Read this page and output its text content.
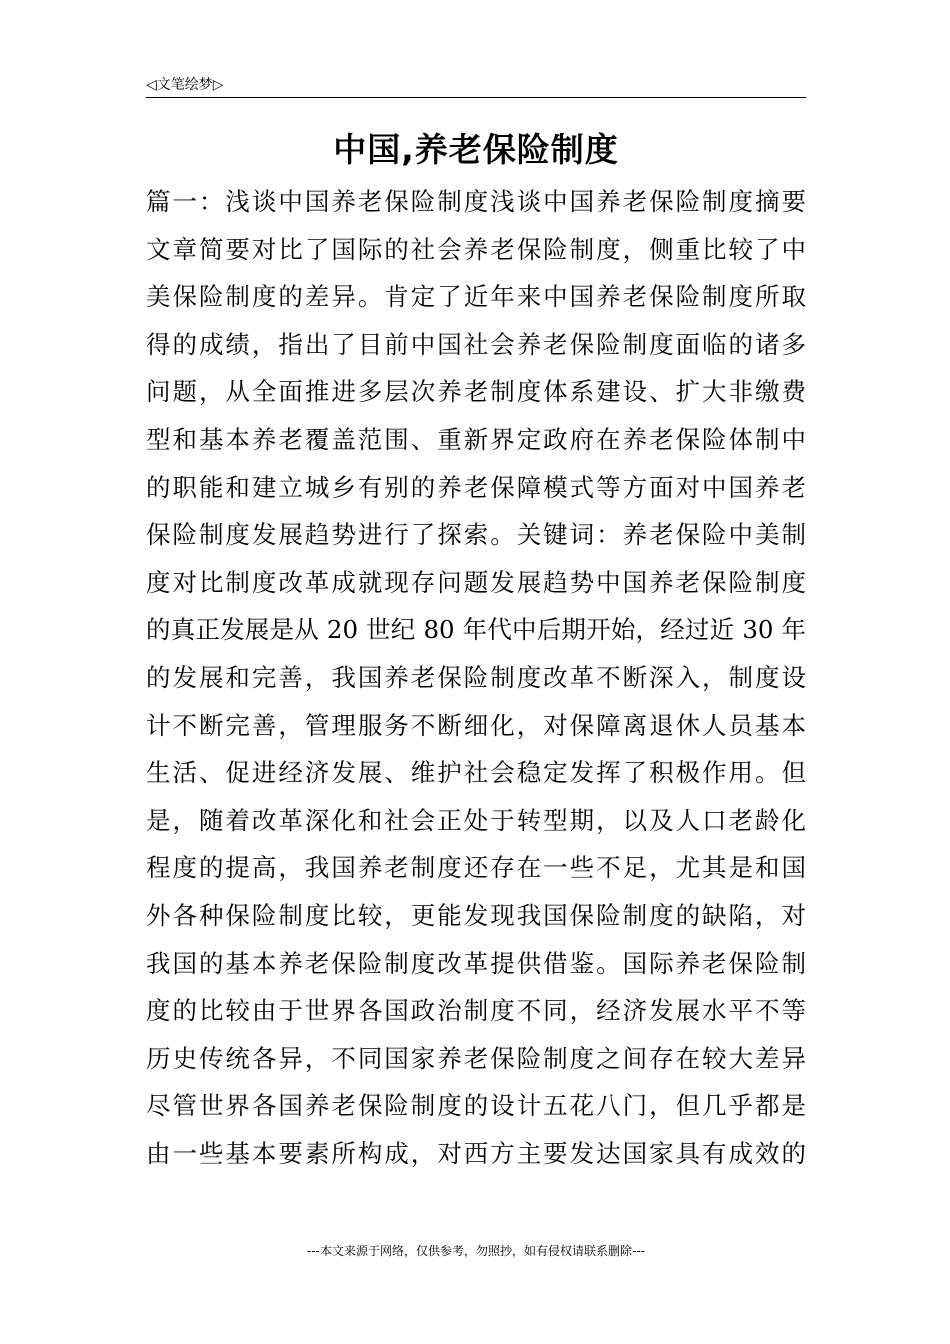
◁文笔绘梦▷
中国,养老保险制度
篇一：浅谈中国养老保险制度浅谈中国养老保险制度摘要
文章简要对比了国际的社会养老保险制度，侧重比较了中
美保险制度的差异。肯定了近年来中国养老保险制度所取
得的成绩，指出了目前中国社会养老保险制度面临的诸多
问题，从全面推进多层次养老制度体系建设、扩大非缴费
型和基本养老覆盖范围、重新界定政府在养老保险体制中
的职能和建立城乡有别的养老保障模式等方面对中国养老
保险制度发展趋势进行了探索。关键词：养老保险中美制
度对比制度改革成就现存问题发展趋势中国养老保险制度
的真正发展是从 20 世纪 80 年代中后期开始，经过近 30 年
的发展和完善，我国养老保险制度改革不断深入，制度设
计不断完善，管理服务不断细化，对保障离退休人员基本
生活、促进经济发展、维护社会稳定发挥了积极作用。但
是，随着改革深化和社会正处于转型期，以及人口老龄化
程度的提高，我国养老制度还存在一些不足，尤其是和国
外各种保险制度比较，更能发现我国保险制度的缺陷，对
我国的基本养老保险制度改革提供借鉴。国际养老保险制
度的比较由于世界各国政治制度不同，经济发展水平不等
历史传统各异，不同国家养老保险制度之间存在较大差异
尽管世界各国养老保险制度的设计五花八门，但几乎都是
由一些基本要素所构成，对西方主要发达国家具有成效的
---本文来源于网络，仅供参考，勿照抄，如有侵权请联系删除---
